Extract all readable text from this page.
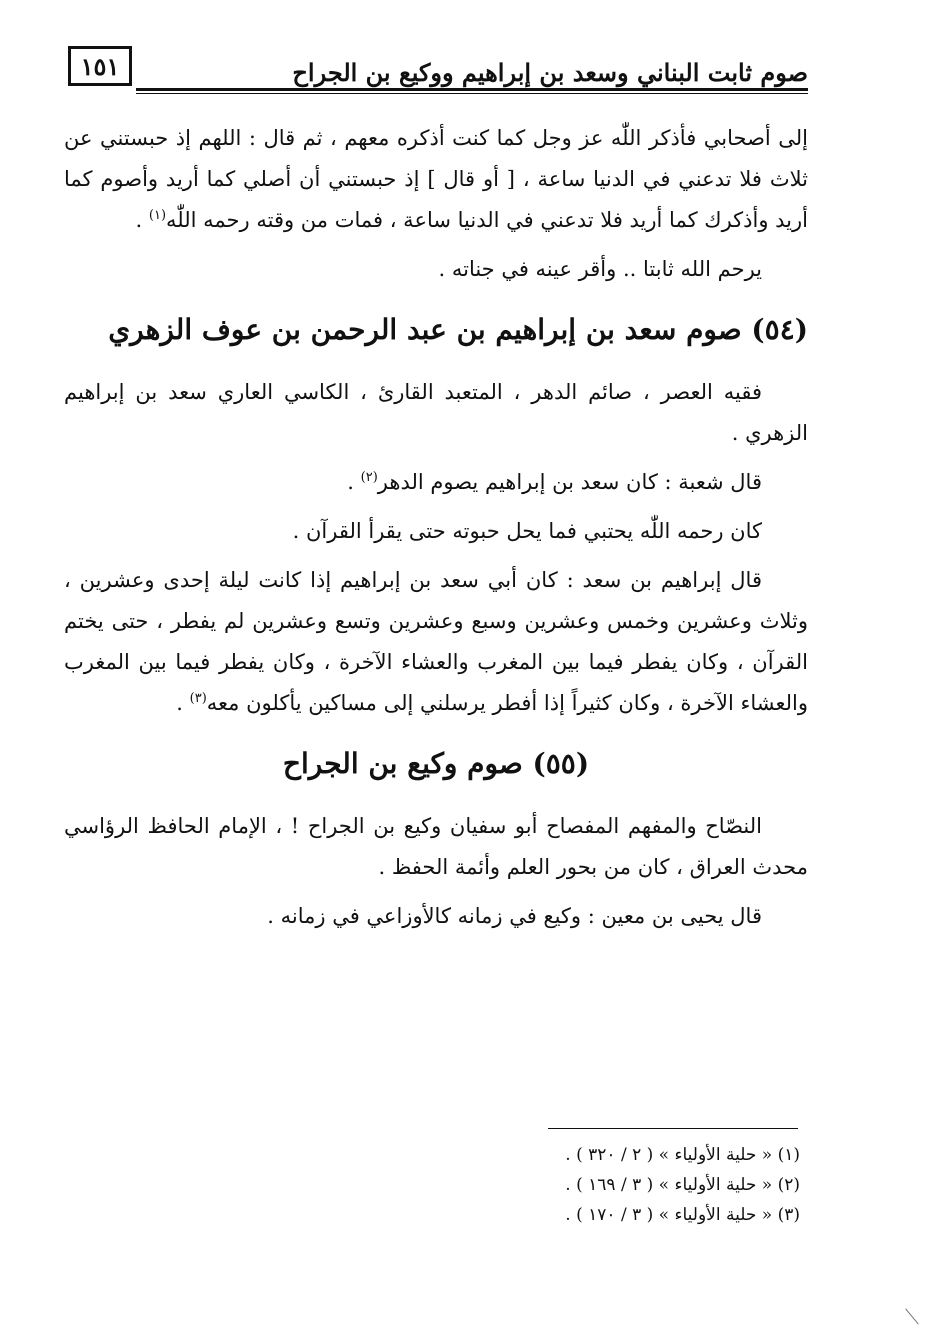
١٥١	صوم ثابت البناني وسعد بن إبراهيم ووكيع بن الجراح

إلى أصحابي فأذكر اللّٰه عز وجل كما كنت أذكره معهم ، ثم قال : اللهم إذ حبستني عن ثلاث فلا تدعني في الدنيا ساعة ، [ أو قال ] إذ حبستني أن أصلي كما أريد وأصوم كما أريد وأذكرك كما أريد فلا تدعني في الدنيا ساعة ، فمات من وقته رحمه اللّٰه$^{(١)}$ .

يرحم الله ثابتا .. وأقر عينه في جناته .

(٥٤) صوم سعد بن إبراهيم بن عبد الرحمن بن عوف الزهري

فقيه العصر ، صائم الدهر ، المتعبد القارئ ، الكاسي العاري سعد بن إبراهيم الزهري .

قال شعبة : كان سعد بن إبراهيم يصوم الدهر$^{(٢)}$ .

كان رحمه اللّٰه يحتبي فما يحل حبوته حتى يقرأ القرآن .

قال إبراهيم بن سعد : كان أبي سعد بن إبراهيم إذا كانت ليلة إحدى وعشرين ، وثلاث وعشرين وخمس وعشرين وسبع وعشرين وتسع وعشرين لم يفطر ، حتى يختم القرآن ، وكان يفطر فيما بين المغرب والعشاء الآخرة ، وكان يفطر فيما بين المغرب والعشاء الآخرة ، وكان كثيراً إذا أفطر يرسلني إلى مساكين يأكلون معه$^{(٣)}$ .

(٥٥) صوم وكيع بن الجراح

النصّاح والمفهم المفصاح أبو سفيان وكيع بن الجراح ! ، الإمام الحافظ الرؤاسي محدث العراق ، كان من بحور العلم وأئمة الحفظ .

قال يحيى بن معين : وكيع في زمانه كالأوزاعي في زمانه .

(١) « حلية الأولياء » ( ٢ / ٣٢٠ ) .

(٢) « حلية الأولياء » ( ٣ / ١٦٩ ) .

(٣) « حلية الأولياء » ( ٣ / ١٧٠ ) .
